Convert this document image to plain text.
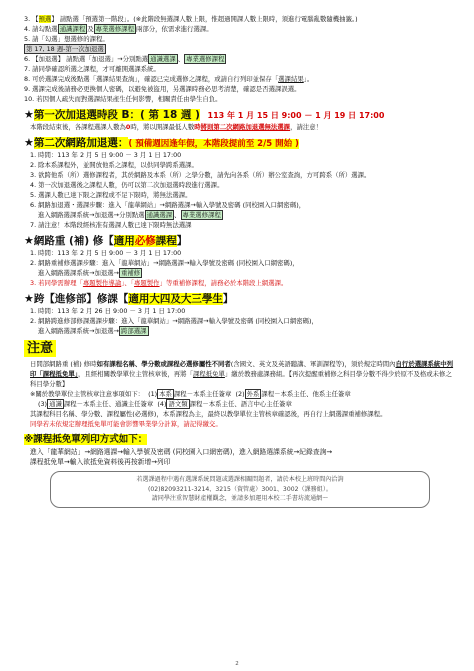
3. 【預選】 請點選「預選第一階段」。(※此階段無選課人數上限，惟超過開課人數上限時，須進行電腦亂數隨機抽籤。)
4. 請勾點選 通識課程 及 專業選修課程 兩部分，依需求進行選課。
5. 請「勾選」想選修的課程。
第 17, 18 週-第一次加退選
6. 【加退選】 請點選「加退選」→分別點選 通識選課 、 專業選修課程
7. 請同學確認所選之課程，才可離開選課系統。
8. 可於選課完成後點選「選課結果查詢」，確認已完成選修之課程，或請自行列印並保存「選課結果」。
9. 選課完成後請務必更換個人密碼，以避免被盜用，另選課時務必思考清楚，確認是否選課誤選。
10. 若因個人疏失而對選課結果產生任何影響，相關責任由學生自負。
★第一次加退選時段 B：( 第 18 週 ) 113 年 1 月 15 日 9:00 － 1 月 19 日 17:00
本階段結束後，各課程選課人數為0時，將以開課最低人數時將則第二次網路加退選無法選課，請注意！
★第二次網路加退選：( 預備週因逢年假，本階段提前至 2/5 開始 )
1. 時間：113 年 2 月 5 日 9:00 － 3 月 1 日 17:00
2. 除本系課程外，並開放他系之課程，以供同學跨系選課。
3. 欲跨他系（所）選修課程者，其於網路及本系（所）之學分數，請先向各系（所）辦公室查詢，方可跨系（所）選課。
4. 第一次加退選後之課程人數，仍可以第二次加退選時段進行選課。
5. 選課人數已達下限之課程或不足下限時，將無法選課。
6. 網路加退選・選課步驟：進入「龍華網站」→網路選課→輸入學號及密碼 (同校園入口網密碼)，
進入網路選課系統→加退選→分別點選 通識選課 、 專業選修課程
7. 請注意！本階段經核准有選課人數已達下限時無法選課
★網路重 (補) 修【適用必修課程】
1. 時間：113 年 2 月 5 日 9:00 － 3 月 1 日 17:00
2. 網路重補修選課步驟：進入「龍華網站」→網路選課→輸入學號及密碼 (同校園入口網密碼)，
進入網路選課系統→加退選→ 重補修
3. 若同學需辦理「專題製作導論」、「專題製作」等重補修課程，請務必於本階段上網選課。
★跨【進修部】修課【適用大四及大三學生】
1. 時間：113 年 2 月 26 日 9:00 － 3 月 1 日 17:00
2. 網路跨進修部修課選課步驟：進入「龍華網站」→網路選課→輸入學號及密碼 (同校園入口網密碼)，
進入網路選課系統→加退選→ 跨部選課
注意
日間部網路重 (補) 修時如有課程名稱、學分數或課程必選修屬性不同者(含國文、英文及英語聽講、軍訓課程等)，須於規定時間內自行於選課系統中列印「課程抵免單」，且經相關教學單位主管核章後，再將「課程抵免單」繳於教務處課務組。【再次提醒重補修之科目學分數不得少於原不及格或未修之科目學分數】
※關於教學單位主管核章注意事項如下： (1) 本系 課程－本系主任簽章 (2) 外系 課程－本系主任、他系主任簽章
(3) 通識 課程－本系主任、通識主任簽章 (4) 語文類 課程－本系主任、語言中心主任簽章
其課程科目名稱、學分數、課程屬性(必選修)，本系課程為主，最終以教學單位主管核章確認後，再自行上網選課重補修課程。
同學若未依規定辦理抵免單可能會影響畢業學分計算，請記得繳交。
※課程抵免單列印方式如下：
進入「龍華網站」→網路選課→輸入學號及密碼 (同校園入口網密碼)，進入網路選課系統→紀錄查詢→
課程抵免單→輸入欲抵免資料後再按新增→列印
若選課過程中遇有選課系統問題或選課相關問題者，請於本校上班時間內洽詢
(02)82093211-3214、3215（資管處）3001、3002（課務組）。
請同學注重智慧財產權觀念，並請多加運用本校二手書坊流通網～
2
